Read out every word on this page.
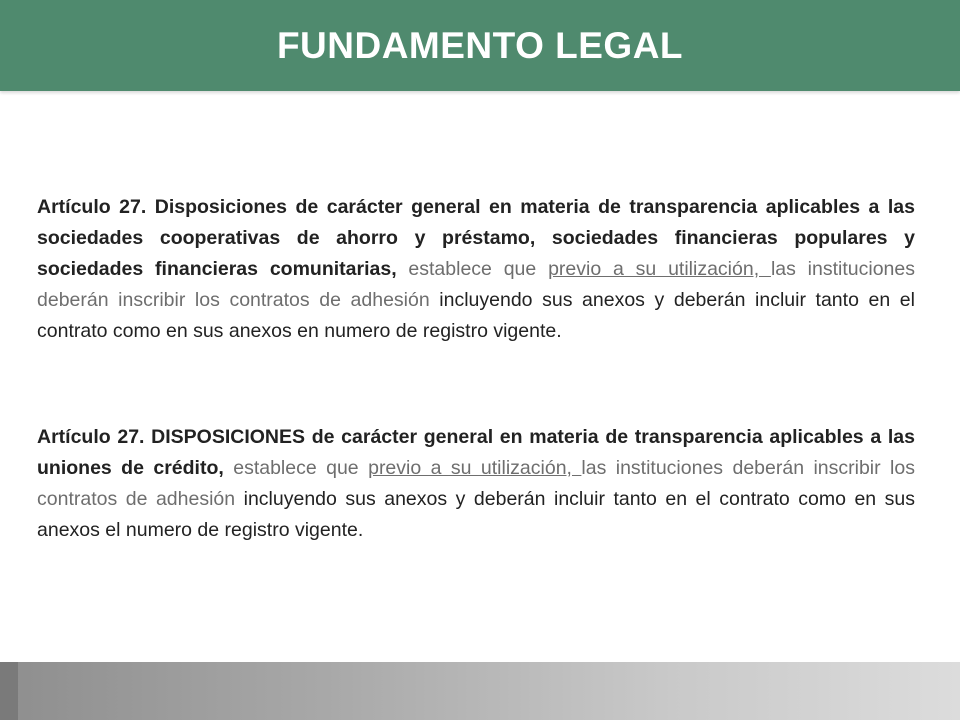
FUNDAMENTO LEGAL
Artículo 27. Disposiciones de carácter general en materia de transparencia aplicables a las sociedades cooperativas de ahorro y préstamo, sociedades financieras populares y sociedades financieras comunitarias, establece que previo a su utilización, las instituciones deberán inscribir los contratos de adhesión incluyendo sus anexos y deberán incluir tanto en el contrato como en sus anexos en numero de registro vigente.
Artículo 27. DISPOSICIONES de carácter general en materia de transparencia aplicables a las uniones de crédito, establece que previo a su utilización, las instituciones deberán inscribir los contratos de adhesión incluyendo sus anexos y deberán incluir tanto en el contrato como en sus anexos el numero de registro vigente.
